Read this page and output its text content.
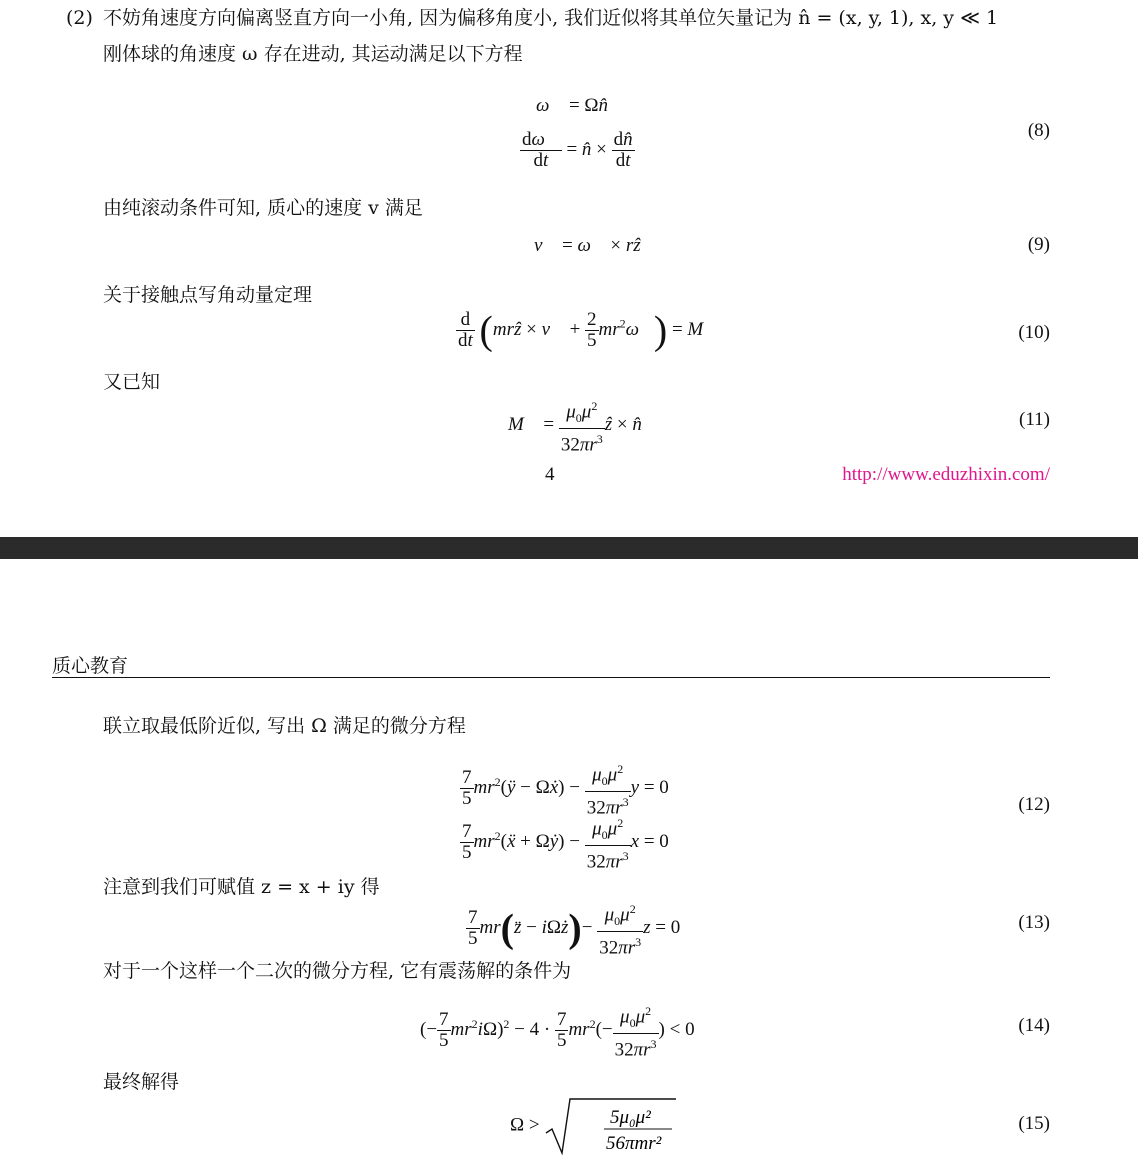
(2) 不妨角速度方向偏离竖直方向一小角, 因为偏移角度小, 我们近似将其单位矢量记为 n̂ = (x, y, 1), x, y ≪ 1
刚体球的角速度 ω 存在进动, 其运动满足以下方程
ω⃗ = Ωn̂
$\frac{d\omega⃗}{dt}$ = n̂ × $\frac{dn̂}{dt}$	(8)
由纯滚动条件可知, 质心的速度 v 满足
v⃗ = ω⃗ × rẑ	(9)
关于接触点写角动量定理
$\frac{d}{dt}$ (mrẑ × v⃗ + $\frac{2}{5}$ $mr^2\omega⃗$) = M⃗	(10)
又已知
M⃗ = $\frac{\mu_0\mu^2}{32\pi r^3}$ ẑ × n̂	(11)
4	http://www.eduzhixin.com/
质心教育
联立取最低阶近似, 写出 Ω 满足的微分方程
$\frac{7}{5}$ $mr^2(ÿ$ − Ωẋ) − $\frac{\mu_0\mu^2}{32\pi r^3}$ y = 0
$\frac{7}{5}$ $mr^2(ẍ$ + Ωẏ) − $\frac{\mu_0\mu^2}{32\pi r^3}$ x = 0
(12)
注意到我们可赋值 z = x + iy 得
$\frac{7}{5}$ mr(z̈ − iΩż)− $\frac{\mu_0\mu^2}{32\pi r^3}$ z = 0	(13)
对于一个这样一个二次的微分方程, 它有震荡解的条件为
(− $\frac{7}{5} mr^2i\Omega)^2 - 4 \cdot \frac{7}{5} mr^2(- \frac{\mu_0\mu^2}{32\pi r^3}$ ) < 0	(14)
最终解得
Ω >	5μ₀μ²
56πmr²
(15)
